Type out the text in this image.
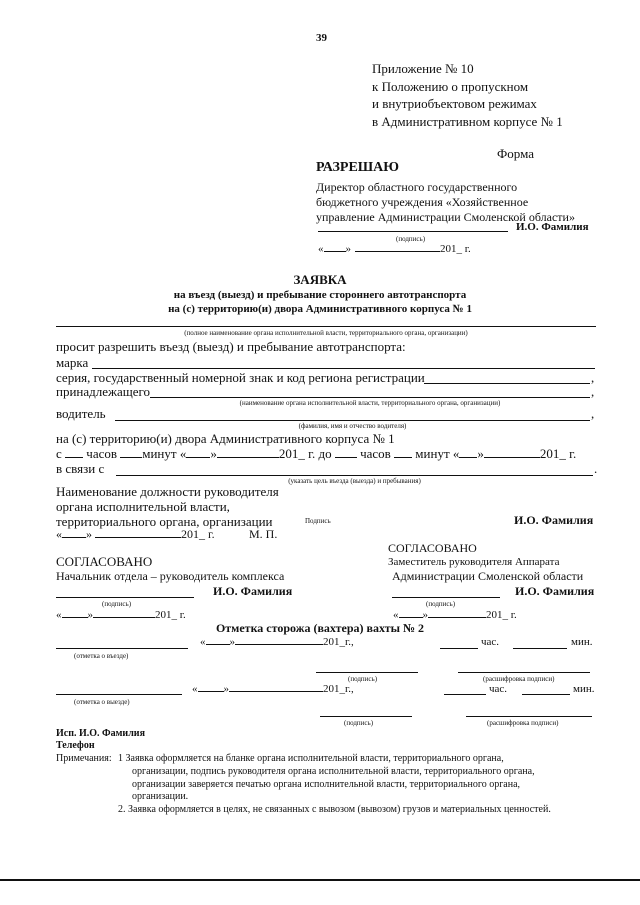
39
Приложение № 10
к Положению о пропускном
и внутриобъектовом режимах
в Административном корпусе № 1
Форма
РАЗРЕШАЮ
Директор областного государственного
бюджетного учреждения «Хозяйственное
управление Администрации Смоленской области»
И.О. Фамилия
(подпись)
« »	201_ г.
ЗАЯВКА
на въезд (выезд) и пребывание стороннего автотранспорта
на (с) территорию(и) двора Административного корпуса № 1
(полное наименование органа исполнительной власти, территориального органа, организации)
просит разрешить въезд (выезд) и пребывание автотранспорта:
марка
серия, государственный номерной знак и код региона регистрации	,
принадлежащего	,
(наименование органа исполнительной власти, территориального органа, организации)
водитель	,
(фамилия, имя и отчество водителя)
на (с) территорию(и) двора Административного корпуса № 1
с часов минут « »	201_ г. до часов минут « »	201_ г.
в связи с	.
(указать цель въезда (выезда) и пребывания)
Наименование должности руководителя
органа исполнительной власти,
территориального органа, организации	Подпись	И.О. Фамилия
« »	201_ г.	М. П.
СОГЛАСОВАНО
СОГЛАСОВАНО	Заместитель руководителя Аппарата
Начальник отдела – руководитель комплекса	Администрации Смоленской области
И.О. Фамилия	И.О. Фамилия
(подпись)	(подпись)
« »	201_ г.	« »	201_ г.
Отметка сторожа (вахтера) вахты № 2
(отметка о въезде)
« »	201_г.,	час.	мин.
(подпись)	(расшифровка подписи)
(отметка о выезде)
« »	201_г.,	час.	мин.
(подпись)	(расшифровка подписи)
Исп. И.О. Фамилия
Телефон
Примечания: 1 Заявка оформляется на бланке органа исполнительной власти, территориального органа,
организации, подпись руководителя органа исполнительной власти, территориального органа,
организации заверяется печатью органа исполнительной власти, территориального органа,
организации.
2. Заявка оформляется в целях, не связанных с вывозом (вывозом) грузов и материальных ценностей.
